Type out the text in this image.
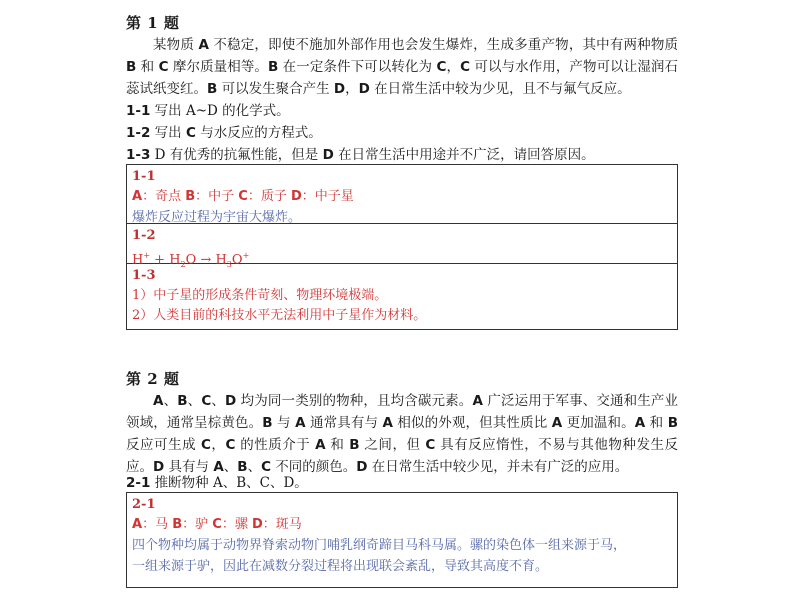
第 1 题
某物质 A 不稳定，即使不施加外部作用也会发生爆炸，生成多重产物，其中有两种物质 B 和 C 摩尔质量相等。B 在一定条件下可以转化为 C，C 可以与水作用，产物可以让湿润石蕊试纸变红。B 可以发生聚合产生 D，D 在日常生活中较为少见，且不与氟气反应。
1-1 写出 A~D 的化学式。
1-2 写出 C 与水反应的方程式。
1-3 D 有优秀的抗氟性能，但是 D 在日常生活中用途并不广泛，请回答原因。
1-1
A：奇点 B：中子 C：质子 D：中子星
爆炸反应过程为宇宙大爆炸。
1-2
$H^+ + H_2O \to H_3O^+$
1-3
1）中子星的形成条件苛刻、物理环境极端。
2）人类目前的科技水平无法利用中子星作为材料。
第 2 题
A、B、C、D 均为同一类别的物种，且均含碳元素。A 广泛运用于军事、交通和生产业领域，通常呈棕黄色。B 与 A 通常具有与 A 相似的外观，但其性质比 A 更加温和。A 和 B 反应可生成 C，C 的性质介于 A 和 B 之间，但 C 具有反应惰性，不易与其他物种发生反应。D 具有与 A、B、C 不同的颜色。D 在日常生活中较少见，并未有广泛的应用。
2-1 推断物种 A、B、C、D。
2-1
A：马 B：驴 C：骡 D：斑马
四个物种均属于动物界脊索动物门哺乳纲奇蹄目马科马属。骡的染色体一组来源于马，
一组来源于驴，因此在减数分裂过程将出现联会紊乱，导致其高度不育。
